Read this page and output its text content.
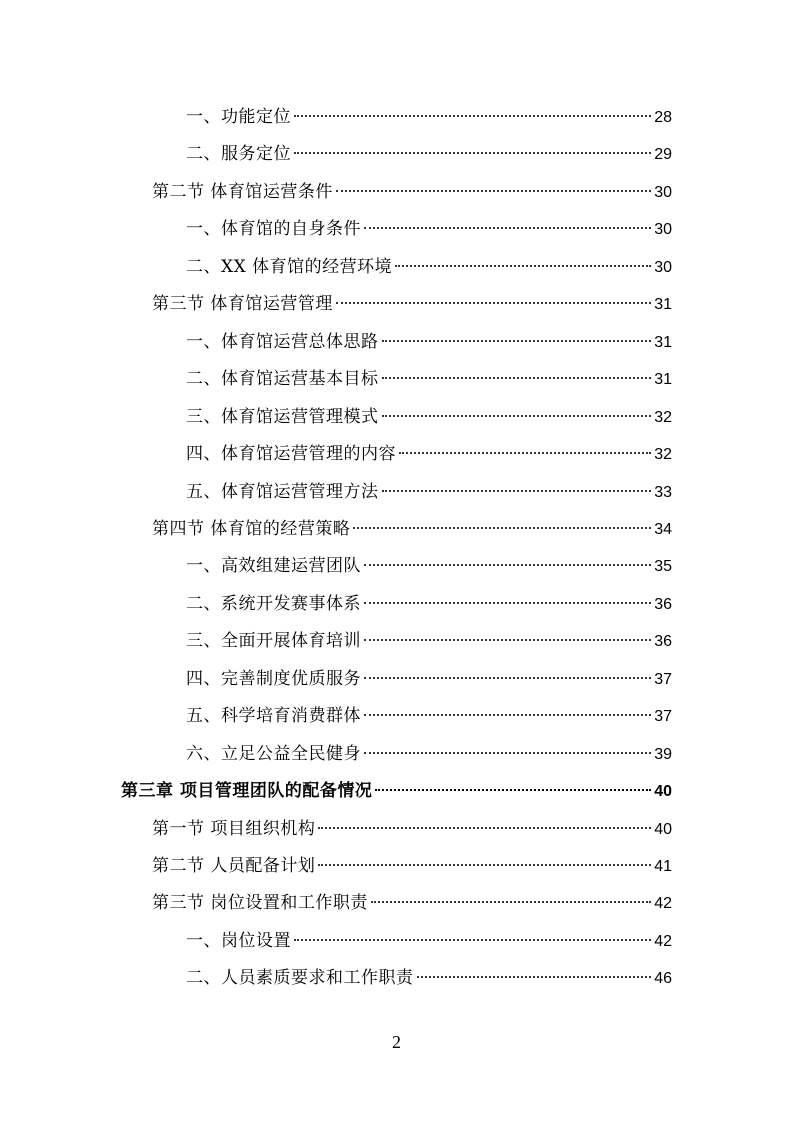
一、功能定位	28
二、服务定位	29
第二节 体育馆运营条件	30
一、体育馆的自身条件	30
二、XX 体育馆的经营环境	30
第三节 体育馆运营管理	31
一、体育馆运营总体思路	31
二、体育馆运营基本目标	31
三、体育馆运营管理模式	32
四、体育馆运营管理的内容	32
五、体育馆运营管理方法	33
第四节 体育馆的经营策略	34
一、高效组建运营团队	35
二、系统开发赛事体系	36
三、全面开展体育培训	36
四、完善制度优质服务	37
五、科学培育消费群体	37
六、立足公益全民健身	39
第三章 项目管理团队的配备情况	40
第一节 项目组织机构	40
第二节 人员配备计划	41
第三节 岗位设置和工作职责	42
一、岗位设置	42
二、人员素质要求和工作职责	46
2
